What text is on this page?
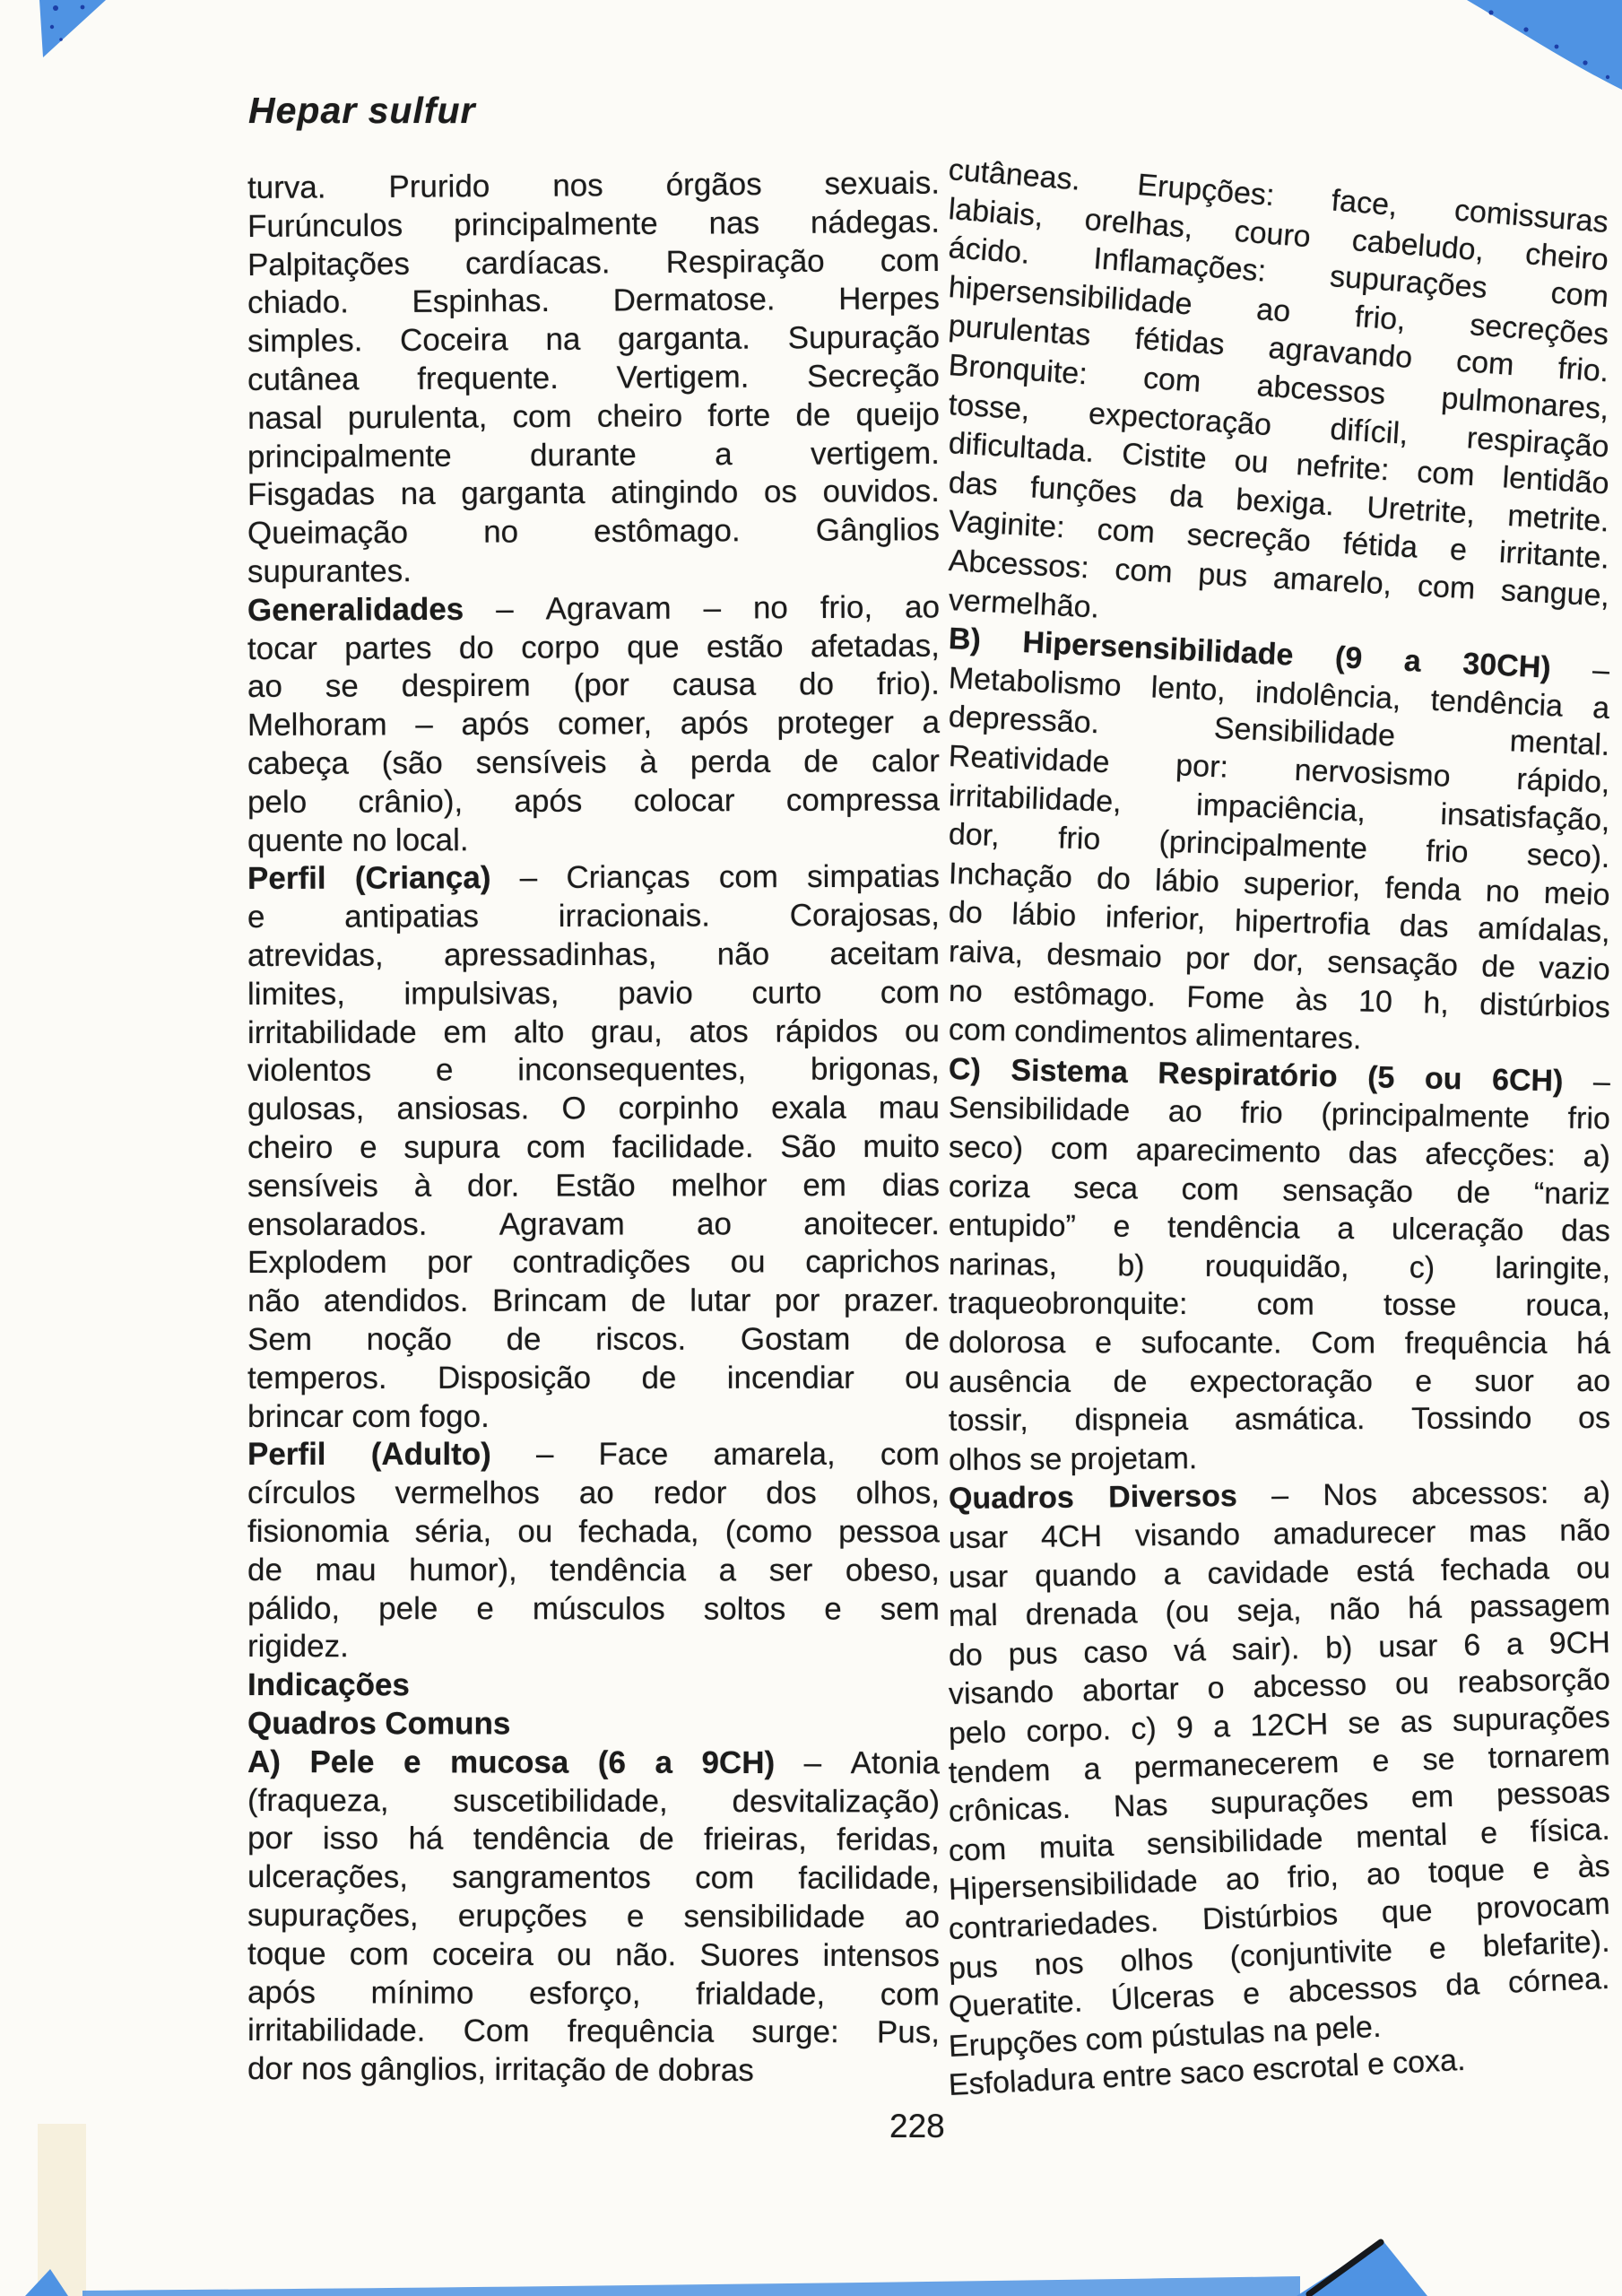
Hepar sulfur
turva. Prurido nos órgãos sexuais.
Furúnculos principalmente nas nádegas.
Palpitações cardíacas. Respiração com
chiado. Espinhas. Dermatose. Herpes
simples. Coceira na garganta. Supuração
cutânea frequente. Vertigem. Secreção
nasal purulenta, com cheiro forte de queijo
principalmente durante a vertigem.
Fisgadas na garganta atingindo os ouvidos.
Queimação no estômago. Gânglios
supurantes.
Generalidades – Agravam – no frio, ao
tocar partes do corpo que estão afetadas,
ao se despirem (por causa do frio).
Melhoram – após comer, após proteger a
cabeça (são sensíveis à perda de calor
pelo crânio), após colocar compressa
quente no local.
Perfil (Criança) – Crianças com simpatias
e	antipatias	irracionais.	Corajosas,
atrevidas, apressadinhas, não aceitam
limites, impulsivas, pavio curto com
irritabilidade em alto grau, atos rápidos ou
violentos e inconsequentes, brigonas,
gulosas, ansiosas. O corpinho exala mau
cheiro e supura com facilidade. São muito
sensíveis à dor. Estão melhor em dias
ensolarados. Agravam ao anoitecer.
Explodem por contradições ou caprichos
não atendidos. Brincam de lutar por prazer.
Sem noção de riscos. Gostam de
temperos. Disposição de incendiar ou
brincar com fogo.
Perfil (Adulto) – Face amarela, com
círculos vermelhos ao redor dos olhos,
fisionomia séria, ou fechada, (como pessoa
de mau humor), tendência a ser obeso,
pálido, pele e músculos soltos e sem
rigidez.
Indicações
Quadros Comuns
A) Pele e mucosa (6 a 9CH) – Atonia
(fraqueza, suscetibilidade, desvitalização)
por isso há tendência de frieiras, feridas,
ulcerações, sangramentos com facilidade,
supurações, erupções e sensibilidade ao
toque com coceira ou não. Suores intensos
após mínimo esforço, frialdade, com
irritabilidade. Com frequência surge: Pus,
dor nos gânglios, irritação de dobras
cutâneas. Erupções: face, comissuras
labiais, orelhas, couro cabeludo, cheiro
ácido. Inflamações: supurações com
hipersensibilidade ao frio, secreções
purulentas fétidas agravando com frio.
Bronquite: com abcessos pulmonares,
tosse, expectoração difícil, respiração
dificultada. Cistite ou nefrite: com lentidão
das funções da bexiga. Uretrite, metrite.
Vaginite: com secreção fétida e irritante.
Abcessos: com pus amarelo, com sangue,
vermelhão.
B) Hipersensibilidade (9 a 30CH) –
Metabolismo lento, indolência, tendência a
depressão.	Sensibilidade	mental.
Reatividade por: nervosismo rápido,
irritabilidade, impaciência, insatisfação,
dor, frio (principalmente frio seco).
Inchação do lábio superior, fenda no meio
do lábio inferior, hipertrofia das amídalas,
raiva, desmaio por dor, sensação de vazio
no estômago. Fome às 10 h, distúrbios
com condimentos alimentares.
C) Sistema Respiratório (5 ou 6CH) –
Sensibilidade ao frio (principalmente frio
seco) com aparecimento das afecções: a)
coriza seca com sensação de “nariz
entupido” e tendência a ulceração das
narinas, b) rouquidão, c) laringite,
traqueobronquite: com tosse rouca,
dolorosa e sufocante. Com frequência há
ausência de expectoração e suor ao
tossir, dispneia asmática. Tossindo os
olhos se projetam.
Quadros Diversos – Nos abcessos: a)
usar 4CH visando amadurecer mas não
usar quando a cavidade está fechada ou
mal drenada (ou seja, não há passagem
do pus caso vá sair). b) usar 6 a 9CH
visando abortar o abcesso ou reabsorção
pelo corpo. c) 9 a 12CH se as supurações
tendem a permanecerem e se tornarem
crônicas. Nas supurações em pessoas
com muita sensibilidade mental e física.
Hipersensibilidade ao frio, ao toque e às
contrariedades. Distúrbios que provocam
pus nos olhos (conjuntivite e blefarite).
Queratite. Úlceras e abcessos da córnea.
Erupções com pústulas na pele.
Esfoladura entre saco escrotal e coxa.
228
